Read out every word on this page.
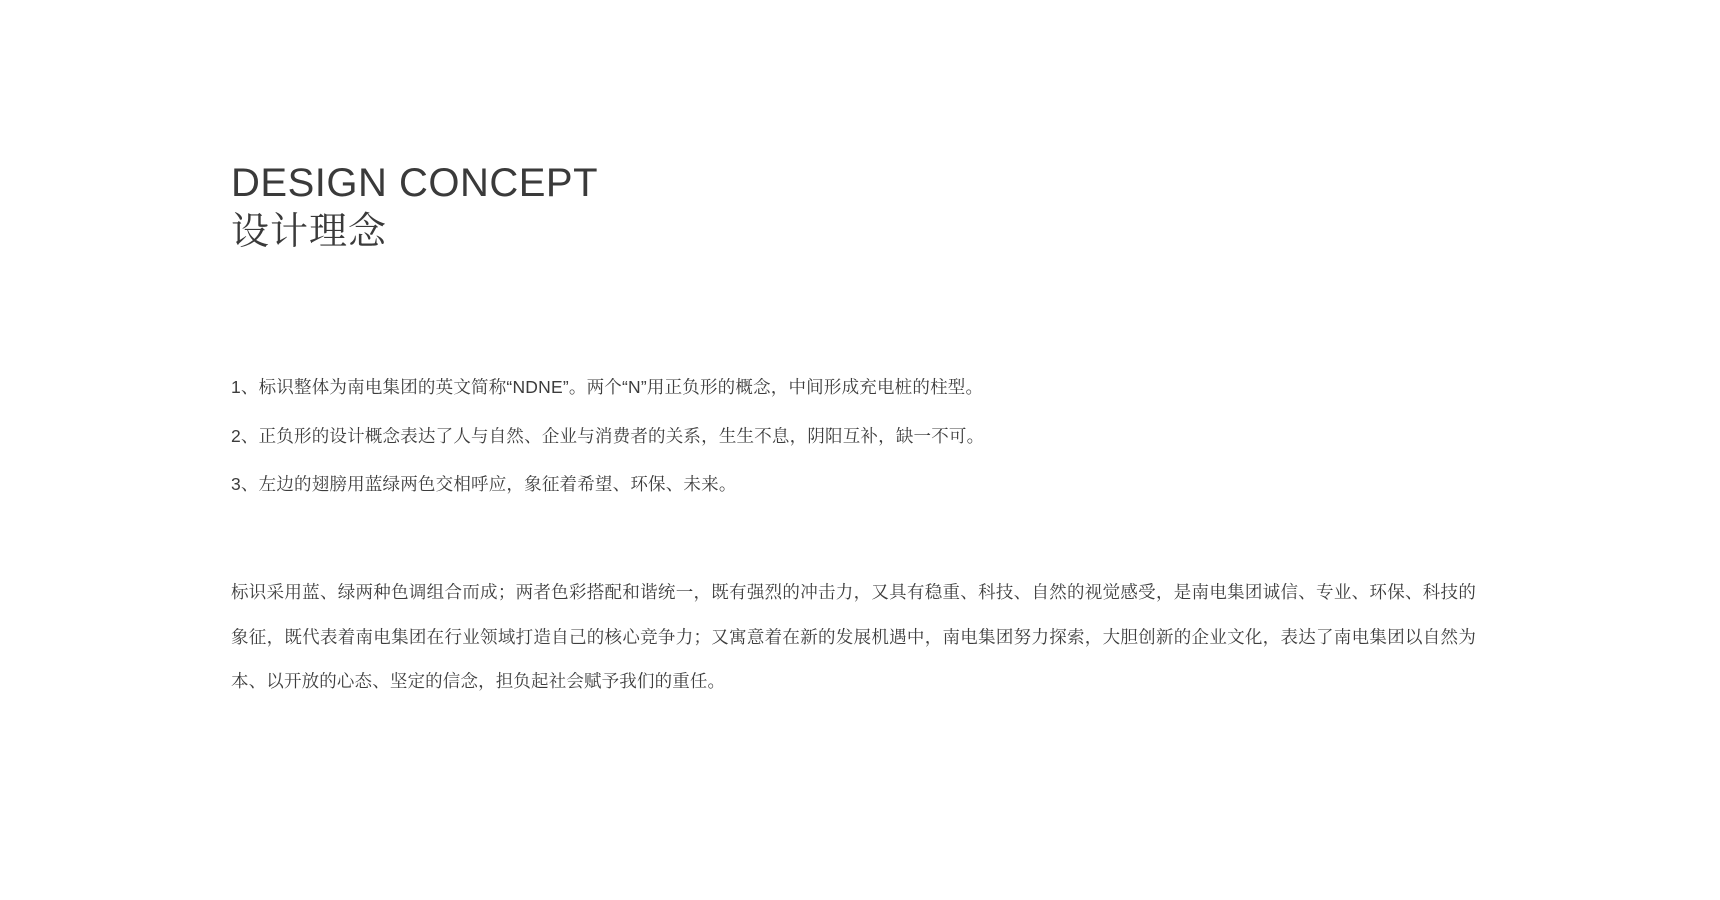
DESIGN CONCEPT
设计理念
1、标识整体为南电集团的英文简称“NDNE”。两个“N”用正负形的概念，中间形成充电桩的柱型。
2、正负形的设计概念表达了人与自然、企业与消费者的关系，生生不息，阴阳互补，缺一不可。
3、左边的翅膀用蓝绿两色交相呼应，象征着希望、环保、未来。

标识采用蓝、绿两种色调组合而成；两者色彩搭配和谐统一，既有强烈的冲击力，又具有稳重、科技、自然的视觉感受，是南电集团诚信、专业、环保、科技的象征，既代表着南电集团在行业领域打造自己的核心竞争力；又寓意着在新的发展机遇中，南电集团努力探索，大胆创新的企业文化，表达了南电集团以自然为本、以开放的心态、坚定的信念，担负起社会赋予我们的重任。
